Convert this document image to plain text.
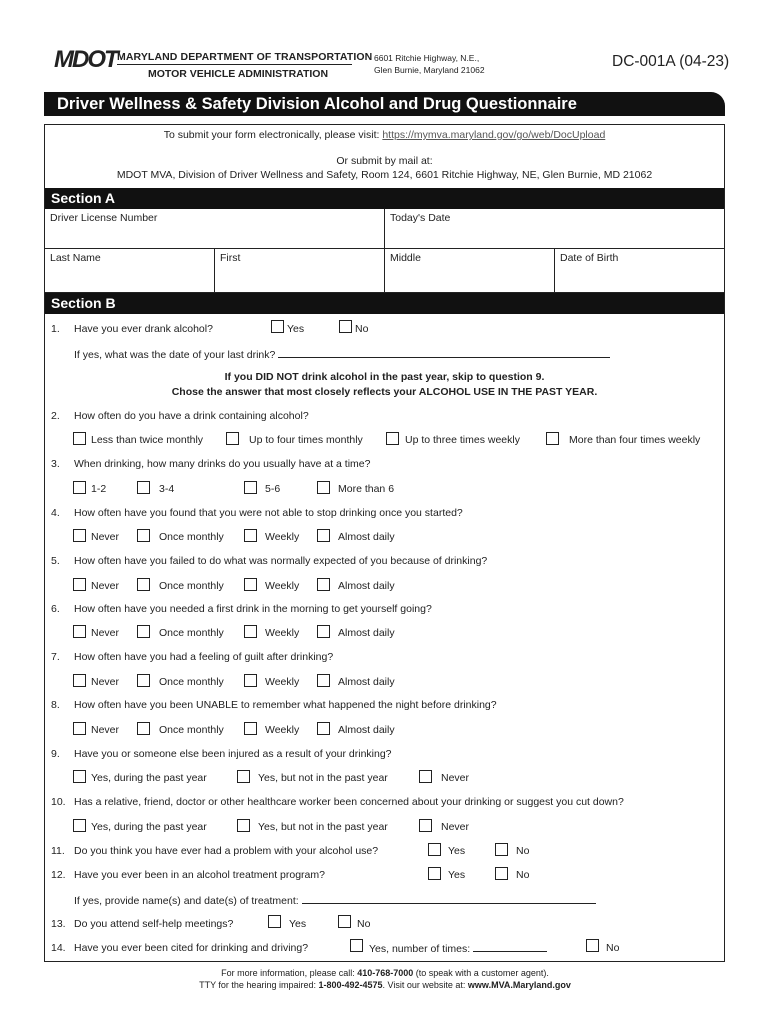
MDOT MARYLAND DEPARTMENT OF TRANSPORTATION
MOTOR VEHICLE ADMINISTRATION
6601 Ritchie Highway, N.E.,
Glen Burnie, Maryland 21062	DC-001A (04-23)
Driver Wellness & Safety Division Alcohol and Drug Questionnaire
To submit your form electronically, please visit: https://mymva.maryland.gov/go/web/DocUpload
Or submit by mail at:
MDOT MVA, Division of Driver Wellness and Safety, Room 124, 6601 Ritchie Highway, NE, Glen Burnie, MD 21062
Section A
Driver License Number	Today's Date
Last Name	First	Middle	Date of Birth
Section B
1. Have you ever drank alcohol?	Yes	No
If yes, what was the date of your last drink?
If you DID NOT drink alcohol in the past year, skip to question 9.
Chose the answer that most closely reflects your ALCOHOL USE IN THE PAST YEAR.
2. How often do you have a drink containing alcohol?
Less than twice monthly	Up to four times monthly	Up to three times weekly	More than four times weekly
3. When drinking, how many drinks do you usually have at a time?
1-2	3-4	5-6	More than 6
4. How often have you found that you were not able to stop drinking once you started?
Never	Once monthly	Weekly	Almost daily
5. How often have you failed to do what was normally expected of you because of drinking?
Never	Once monthly	Weekly	Almost daily
6. How often have you needed a first drink in the morning to get yourself going?
Never	Once monthly	Weekly	Almost daily
7. How often have you had a feeling of guilt after drinking?
Never	Once monthly	Weekly	Almost daily
8. How often have you been UNABLE to remember what happened the night before drinking?
Never	Once monthly	Weekly	Almost daily
9. Have you or someone else been injured as a result of your drinking?
Yes, during the past year	Yes, but not in the past year	Never
10. Has a relative, friend, doctor or other healthcare worker been concerned about your drinking or suggest you cut down?
Yes, during the past year	Yes, but not in the past year	Never
11. Do you think you have ever had a problem with your alcohol use?	Yes	No
12. Have you ever been in an alcohol treatment program?	Yes	No
If yes, provide name(s) and date(s) of treatment:
13. Do you attend self-help meetings?	Yes	No
14. Have you ever been cited for drinking and driving?	Yes, number of times:	No
For more information, please call: 410-768-7000 (to speak with a customer agent).
TTY for the hearing impaired: 1-800-492-4575. Visit our website at: www.MVA.Maryland.gov
